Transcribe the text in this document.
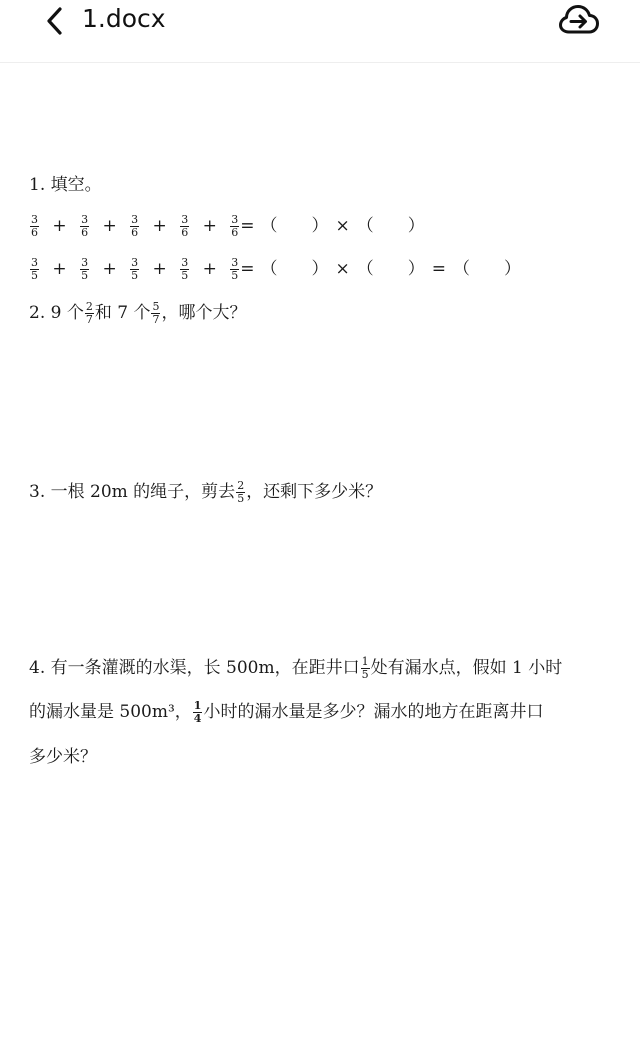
1.docx
1. 填空。
$\frac{3}{6} + \frac{3}{6} + \frac{3}{6} + \frac{3}{6} + \frac{3}{6}$ = （ ） × （ ）
$\frac{3}{5} + \frac{3}{5} + \frac{3}{5} + \frac{3}{5} + \frac{3}{5}$ = （ ） × （ ） = （ ）
2. 9 个 $\frac{2}{7}$ 和 7 个 $\frac{5}{7}$ ，哪个大？
3. 一根 20m 的绳子，剪去 $\frac{2}{5}$ ，还剩下多少米？
4. 有一条灌溉的水渠，长 500m，在距井口 $\frac{1}{5}$ 处有漏水点，假如 1 小时
的漏水量是 500m³， $\frac{1}{4}$ 小时的漏水量是多少？漏水的地方在距离井口
多少米？
